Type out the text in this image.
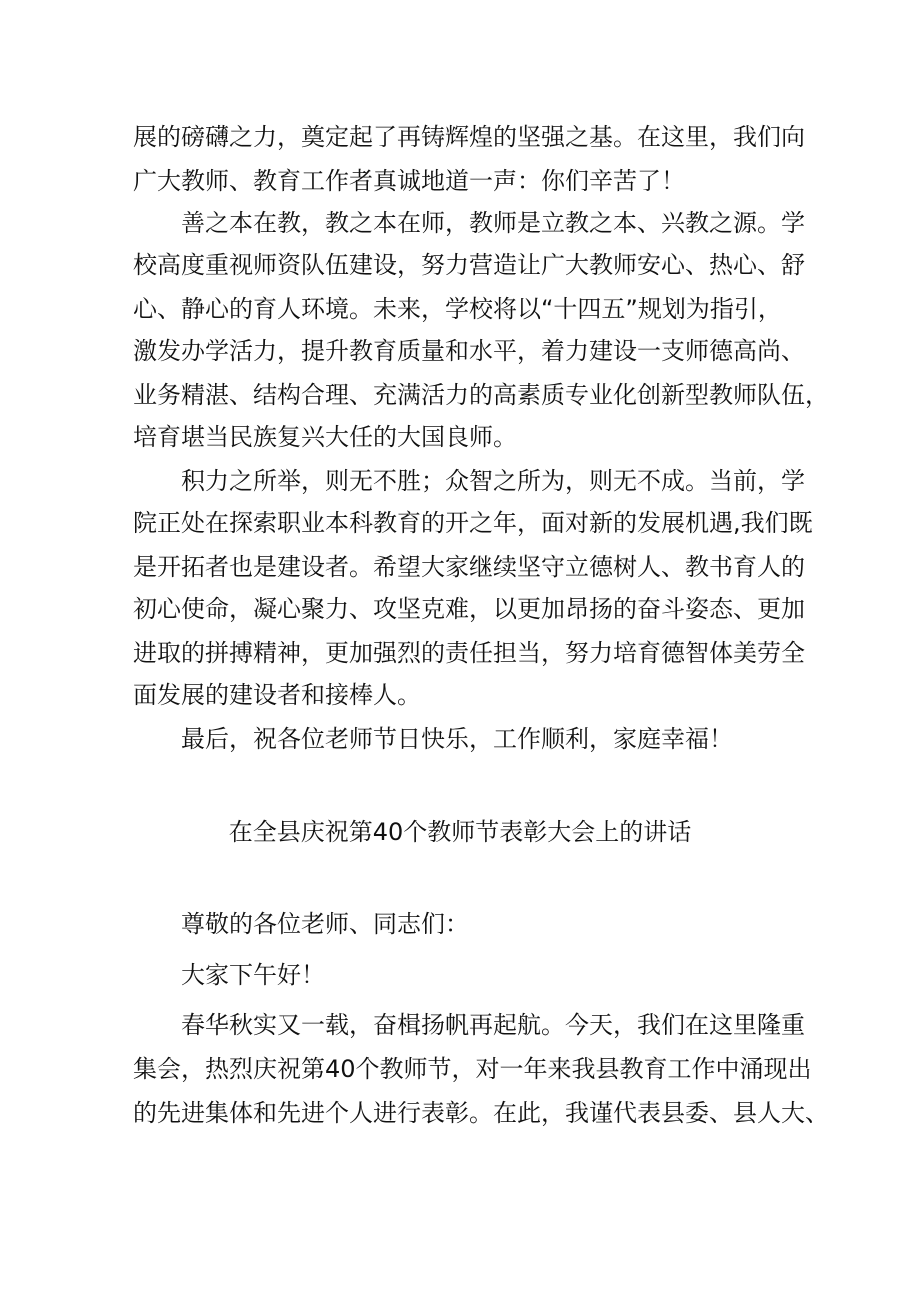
展的磅礴之力，奠定起了再铸辉煌的坚强之基。在这里，我们向
广大教师、教育工作者真诚地道一声：你们辛苦了！
善之本在教，教之本在师，教师是立教之本、兴教之源。学
校高度重视师资队伍建设，努力营造让广大教师安心、热心、舒
心、静心的育人环境。未来，学校将以“十四五”规划为指引，
激发办学活力，提升教育质量和水平，着力建设一支师德高尚、
业务精湛、结构合理、充满活力的高素质专业化创新型教师队伍，
培育堪当民族复兴大任的大国良师。
积力之所举，则无不胜；众智之所为，则无不成。当前，学
院正处在探索职业本科教育的开之年，面对新的发展机遇,我们既
是开拓者也是建设者。希望大家继续坚守立德树人、教书育人的
初心使命，凝心聚力、攻坚克难，以更加昂扬的奋斗姿态、更加
进取的拼搏精神，更加强烈的责任担当，努力培育德智体美劳全
面发展的建设者和接棒人。
最后，祝各位老师节日快乐，工作顺利，家庭幸福！
在全县庆祝第40个教师节表彰大会上的讲话
尊敬的各位老师、同志们：
大家下午好！
春华秋实又一载，奋楫扬帆再起航。今天，我们在这里隆重
集会，热烈庆祝第40个教师节，对一年来我县教育工作中涌现出
的先进集体和先进个人进行表彰。在此，我谨代表县委、县人大、
